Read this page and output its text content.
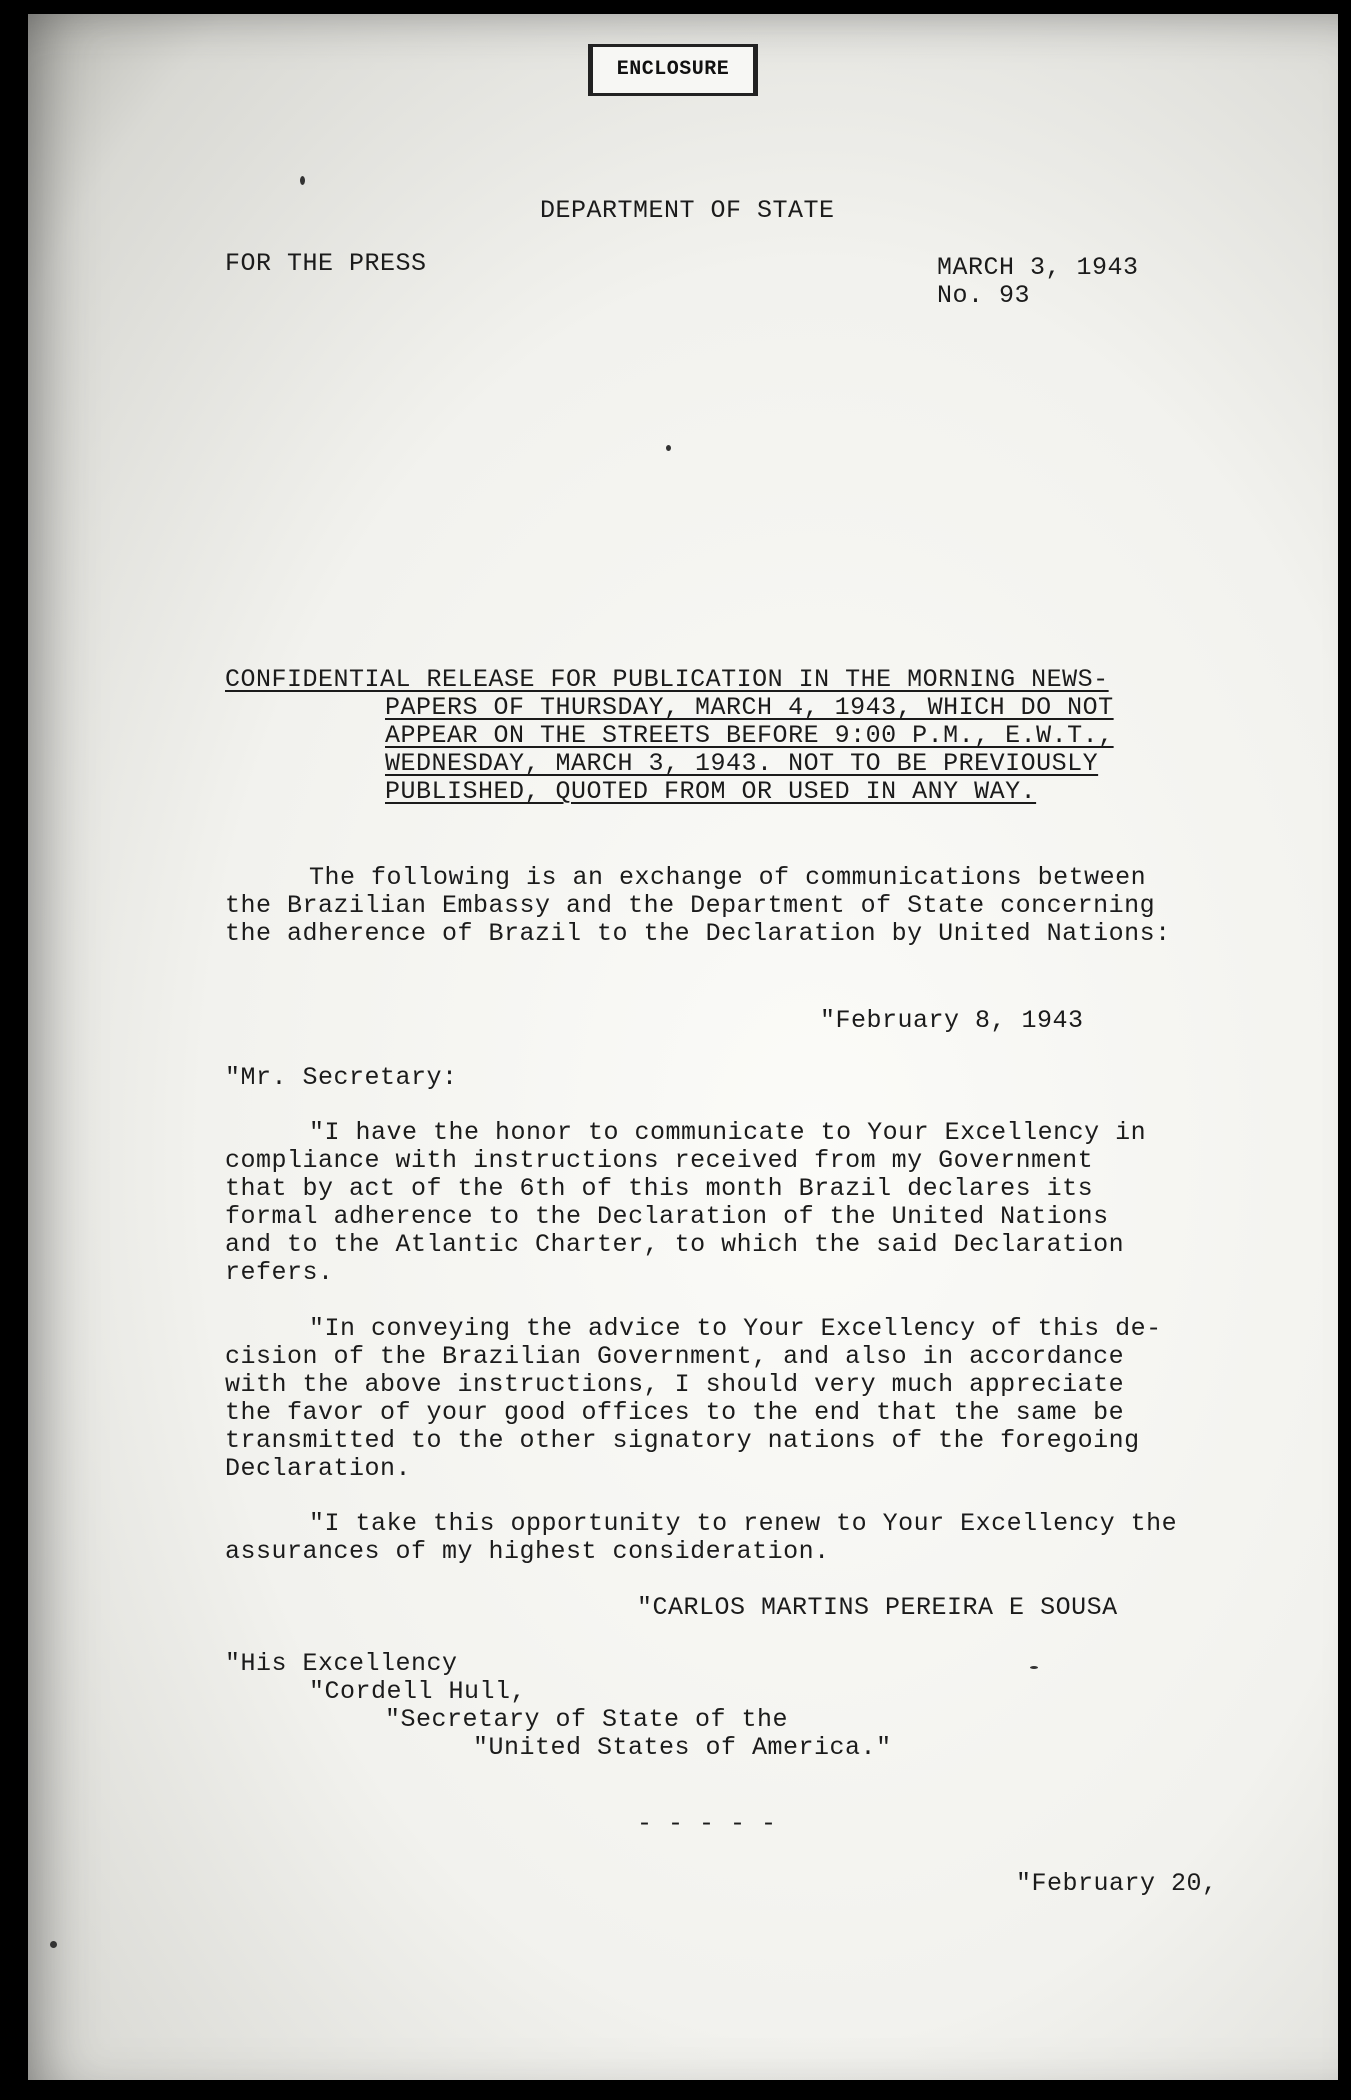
ENCLOSURE
DEPARTMENT OF STATE
FOR THE PRESS	MARCH 3, 1943
No. 93
CONFIDENTIAL RELEASE FOR PUBLICATION IN THE MORNING NEWS-
PAPERS OF THURSDAY, MARCH 4, 1943, WHICH DO NOT
APPEAR ON THE STREETS BEFORE 9:00 P.M., E.W.T.,
WEDNESDAY, MARCH 3, 1943. NOT TO BE PREVIOUSLY
PUBLISHED, QUOTED FROM OR USED IN ANY WAY.
The following is an exchange of communications between
the Brazilian Embassy and the Department of State concerning
the adherence of Brazil to the Declaration by United Nations:
"February 8, 1943
"Mr. Secretary:
"I have the honor to communicate to Your Excellency in
compliance with instructions received from my Government
that by act of the 6th of this month Brazil declares its
formal adherence to the Declaration of the United Nations
and to the Atlantic Charter, to which the said Declaration
refers.
"In conveying the advice to Your Excellency of this de-
cision of the Brazilian Government, and also in accordance
with the above instructions, I should very much appreciate
the favor of your good offices to the end that the same be
transmitted to the other signatory nations of the foregoing
Declaration.
"I take this opportunity to renew to Your Excellency the
assurances of my highest consideration.
"CARLOS MARTINS PEREIRA E SOUSA
"His Excellency
"Cordell Hull,
"Secretary of State of the
"United States of America."
- - - - -
"February 20,
